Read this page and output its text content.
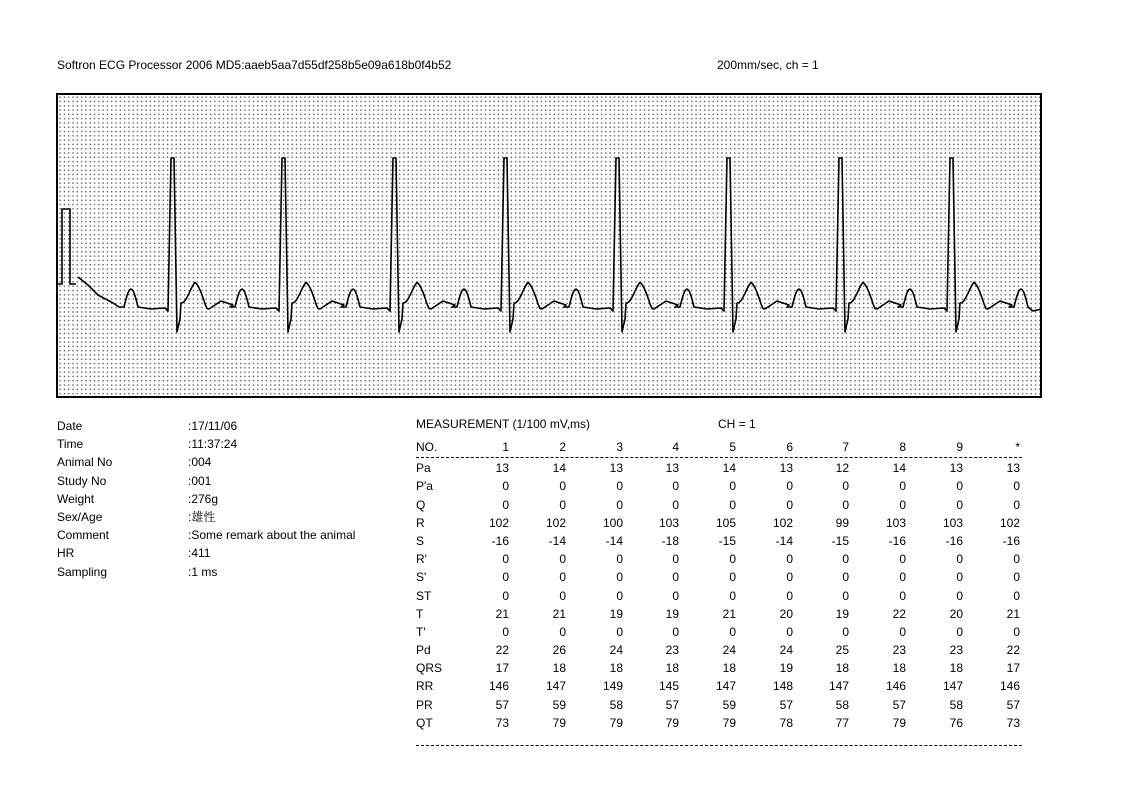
Softron ECG Processor 2006 MD5:aaeb5aa7d55df258b5e09a618b0f4b52	200mm/sec, ch = 1
Date	:17/11/06
Time	:11:37:24
Animal No	:004
Study No	:001
Weight	:276g
Sex/Age	:雄性
Comment	:Some remark about the animal
HR	:411
Sampling	:1 ms
MEASUREMENT (1/100 mV,ms)	CH = 1
NO.	1	2	3	4	5	6	7	8	9	*
Pa	13	14	13	13	14	13	12	14	13	13
P'a	0	0	0	0	0	0	0	0	0	0
Q	0	0	0	0	0	0	0	0	0	0
R	102	102	100	103	105	102	99	103	103	102
S	-16	-14	-14	-18	-15	-14	-15	-16	-16	-16
R'	0	0	0	0	0	0	0	0	0	0
S'	0	0	0	0	0	0	0	0	0	0
ST	0	0	0	0	0	0	0	0	0	0
T	21	21	19	19	21	20	19	22	20	21
T'	0	0	0	0	0	0	0	0	0	0
Pd	22	26	24	23	24	24	25	23	23	22
QRS	17	18	18	18	18	19	18	18	18	17
RR	146	147	149	145	147	148	147	146	147	146
PR	57	59	58	57	59	57	58	57	58	57
QT	73	79	79	79	79	78	77	79	76	73
